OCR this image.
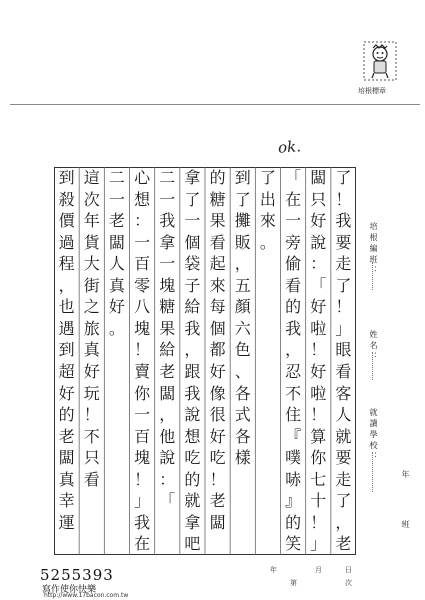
ok.
培根標章
了
！
我
要
走
了
！
」
眼
看
客
人
就
要
走
了
，
老
闆
只
好
說
：
「
好
啦
！
好
啦
！
算
你
七
十
！
」
「
在
一
旁
偷
看
的
我
，
忍
不
住
『
噗
哧
』
的
笑
了
出
來
。
到
了
攤
販
，
五
顏
六
色
、
各
式
各
樣
的
糖
果
看
起
來
每
個
都
好
像
很
好
吃
！
老
闆
拿
了
一
個
袋
子
給
我
，
跟
我
說
想
吃
的
就
拿
吧
二
一
我
拿
一
塊
糖
果
給
老
闆
，
他
說
：
「
心
想
：
一
百
零
八
塊
！
賣
你
一
百
塊
！
」
我
在
二
一
老
闆
人
真
好
。
這
次
年
貨
大
街
之
旅
真
好
玩
！
不
只
看
到
殺
價
過
程
，
也
遇
到
超
好
的
老
闆
真
幸
運
培根編班：
姓名：
就讀學校：
年
班
5255393
寫作使你快樂
http://www.17bacon.com.tw
年	月	日
第	次
